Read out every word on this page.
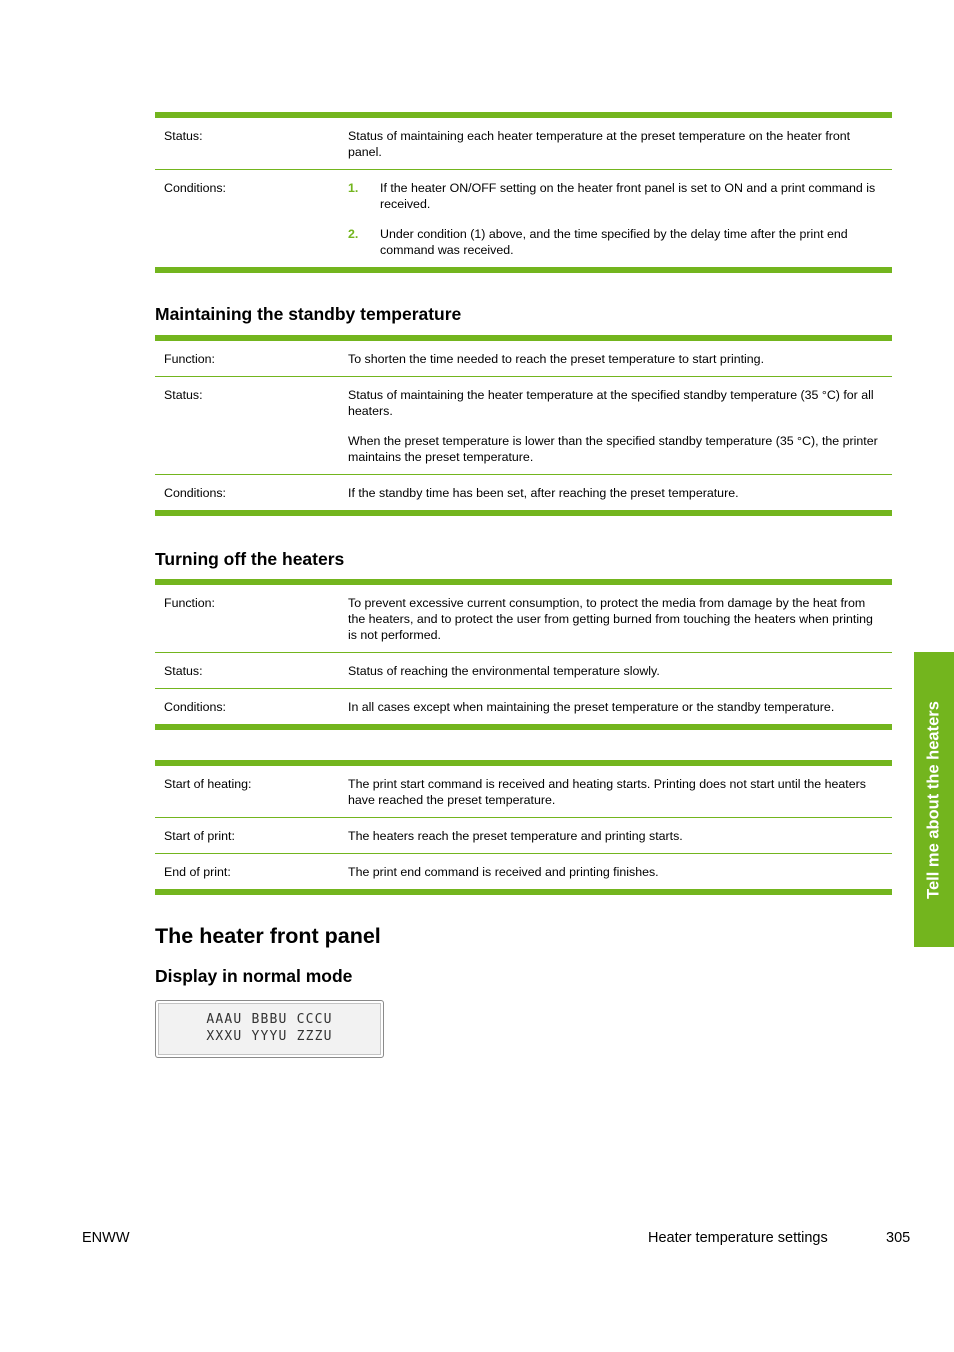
Status:	Status of maintaining each heater temperature at the preset temperature on the heater front panel.

Conditions:	1.	If the heater ON/OFF setting on the heater front panel is set to ON and a print command is received.
2.	Under condition (1) above, and the time specified by the delay time after the print end command was received.
Maintaining the standby temperature
Function:	To shorten the time needed to reach the preset temperature to start printing.

Status:	Status of maintaining the heater temperature at the specified standby temperature (35 °C) for all heaters.

When the preset temperature is lower than the specified standby temperature (35 °C), the printer maintains the preset temperature.

Conditions:	If the standby time has been set, after reaching the preset temperature.

Turning off the heaters
Function:	To prevent excessive current consumption, to protect the media from damage by the heat from the heaters, and to protect the user from getting burned from touching the heaters when printing is not performed.

Status:	Status of reaching the environmental temperature slowly.

Conditions:	In all cases except when maintaining the preset temperature or the standby temperature.

Start of heating:	The print start command is received and heating starts. Printing does not start until the heaters have reached the preset temperature.

Start of print:	The heaters reach the preset temperature and printing starts.

End of print:	The print end command is received and printing finishes.

The heater front panel
Display in normal mode
AAAU BBBU CCCU
XXXU YYYU ZZZU
Tell me about the heaters
ENWW	Heater temperature settings	305
